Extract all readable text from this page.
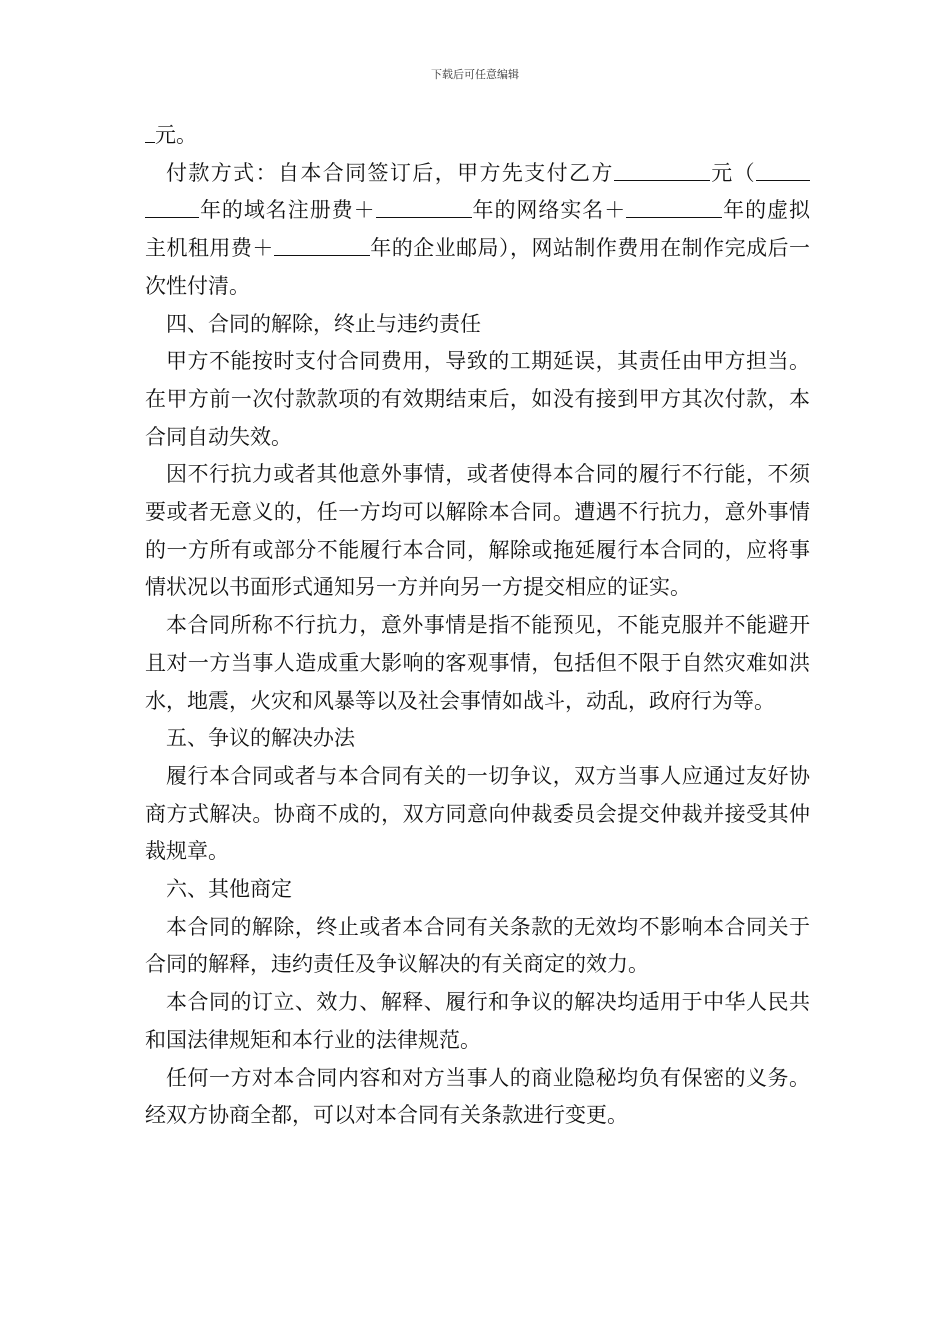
下载后可任意编辑

元。

付款方式：自本合同签订后，甲方先支付乙方	元（年的域名注册费＋	年的网络实名＋	年的虚拟主机租用费＋	年的企业邮局），网站制作费用在制作完成后一次性付清。

四、合同的解除，终止与违约责任

甲方不能按时支付合同费用，导致的工期延误，其责任由甲方担当。在甲方前一次付款款项的有效期结束后，如没有接到甲方其次付款，本合同自动失效。

因不行抗力或者其他意外事情，或者使得本合同的履行不行能，不须要或者无意义的，任一方均可以解除本合同。遭遇不行抗力，意外事情的一方所有或部分不能履行本合同，解除或拖延履行本合同的，应将事情状况以书面形式通知另一方并向另一方提交相应的证实。

本合同所称不行抗力，意外事情是指不能预见，不能克服并不能避开且对一方当事人造成重大影响的客观事情，包括但不限于自然灾难如洪水，地震，火灾和风暴等以及社会事情如战斗，动乱，政府行为等。

五、争议的解决办法

履行本合同或者与本合同有关的一切争议，双方当事人应通过友好协商方式解决。协商不成的，双方同意向仲裁委员会提交仲裁并接受其仲裁规章。

六、其他商定

本合同的解除，终止或者本合同有关条款的无效均不影响本合同关于合同的解释，违约责任及争议解决的有关商定的效力。

本合同的订立、效力、解释、履行和争议的解决均适用于中华人民共和国法律规矩和本行业的法律规范。

任何一方对本合同内容和对方当事人的商业隐秘均负有保密的义务。经双方协商全都，可以对本合同有关条款进行变更。
